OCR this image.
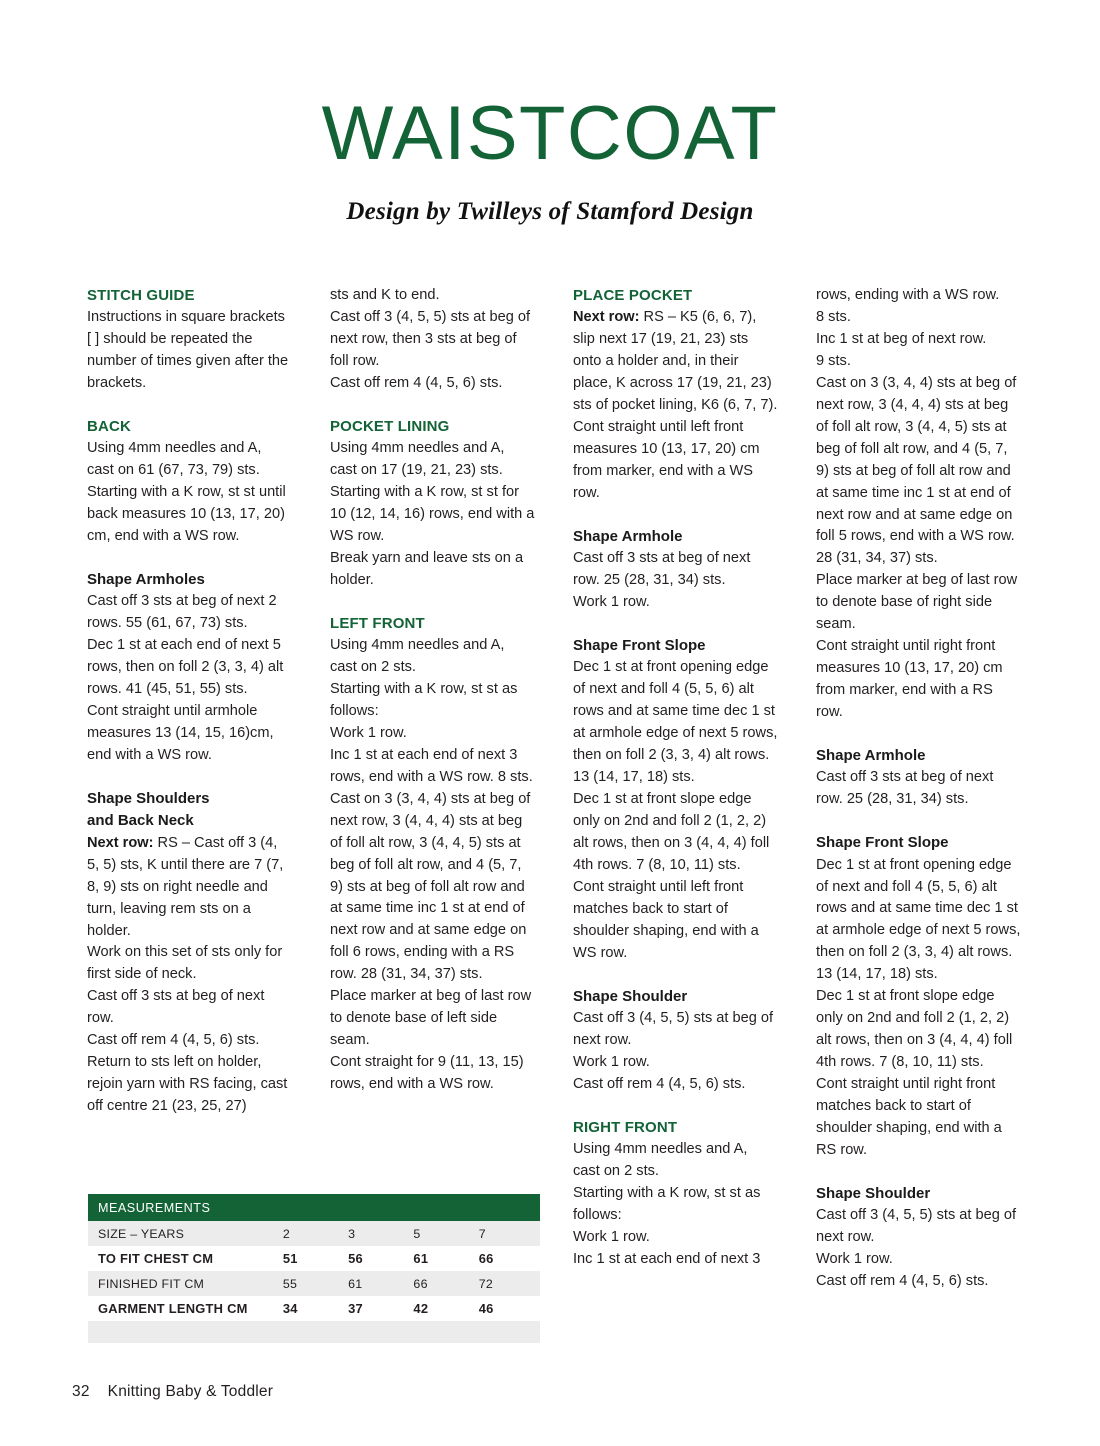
WAISTCOAT

Design by Twilleys of Stamford Design

STITCH GUIDE

Instructions in square brackets [ ] should be repeated the number of times given after the brackets.

BACK

Using 4mm needles and A, cast on 61 (67, 73, 79) sts.

Starting with a K row, st st until back measures 10 (13, 17, 20) cm, end with a WS row.

Shape Armholes

Cast off 3 sts at beg of next 2 rows. 55 (61, 67, 73) sts.

Dec 1 st at each end of next 5 rows, then on foll 2 (3, 3, 4) alt rows. 41 (45, 51, 55) sts.

Cont straight until armhole measures 13 (14, 15, 16)cm, end with a WS row.

Shape Shoulders
and Back Neck

Next row: RS – Cast off 3 (4, 5, 5) sts, K until there are 7 (7, 8, 9) sts on right needle and turn, leaving rem sts on a holder.

Work on this set of sts only for first side of neck.

Cast off 3 sts at beg of next row.

Cast off rem 4 (4, 5, 6) sts.

Return to sts left on holder, rejoin yarn with RS facing, cast off centre 21 (23, 25, 27)

sts and K to end.

Cast off 3 (4, 5, 5) sts at beg of next row, then 3 sts at beg of foll row.

Cast off rem 4 (4, 5, 6) sts.

POCKET LINING

Using 4mm needles and A, cast on 17 (19, 21, 23) sts.

Starting with a K row, st st for 10 (12, 14, 16) rows, end with a WS row.

Break yarn and leave sts on a holder.

LEFT FRONT

Using 4mm needles and A, cast on 2 sts.

Starting with a K row, st st as follows:

Work 1 row.

Inc 1 st at each end of next 3 rows, end with a WS row. 8 sts.

Cast on 3 (3, 4, 4) sts at beg of next row, 3 (4, 4, 4) sts at beg of foll alt row, 3 (4, 4, 5) sts at beg of foll alt row, and 4 (5, 7, 9) sts at beg of foll alt row and at same time inc 1 st at end of next row and at same edge on foll 6 rows, ending with a RS row. 28 (31, 34, 37) sts.

Place marker at beg of last row to denote base of left side seam.

Cont straight for 9 (11, 13, 15) rows, end with a WS row.

PLACE POCKET

Next row: RS – K5 (6, 6, 7), slip next 17 (19, 21, 23) sts onto a holder and, in their place, K across 17 (19, 21, 23) sts of pocket lining, K6 (6, 7, 7).

Cont straight until left front measures 10 (13, 17, 20) cm from marker, end with a WS row.

Shape Armhole

Cast off 3 sts at beg of next row. 25 (28, 31, 34) sts.

Work 1 row.

Shape Front Slope

Dec 1 st at front opening edge of next and foll 4 (5, 5, 6) alt rows and at same time dec 1 st at armhole edge of next 5 rows, then on foll 2 (3, 3, 4) alt rows. 13 (14, 17, 18) sts.

Dec 1 st at front slope edge only on 2nd and foll 2 (1, 2, 2) alt rows, then on 3 (4, 4, 4) foll 4th rows. 7 (8, 10, 11) sts.

Cont straight until left front matches back to start of shoulder shaping, end with a WS row.

Shape Shoulder

Cast off 3 (4, 5, 5) sts at beg of next row.

Work 1 row.

Cast off rem 4 (4, 5, 6) sts.

RIGHT FRONT

Using 4mm needles and A, cast on 2 sts.

Starting with a K row, st st as follows:

Work 1 row.

Inc 1 st at each end of next 3

rows, ending with a WS row.

8 sts.

Inc 1 st at beg of next row.

9 sts.

Cast on 3 (3, 4, 4) sts at beg of next row, 3 (4, 4, 4) sts at beg of foll alt row, 3 (4, 4, 5) sts at beg of foll alt row, and 4 (5, 7, 9) sts at beg of foll alt row and at same time inc 1 st at end of next row and at same edge on foll 5 rows, end with a WS row. 28 (31, 34, 37) sts.

Place marker at beg of last row to denote base of right side seam.

Cont straight until right front measures 10 (13, 17, 20) cm from marker, end with a RS row.

Shape Armhole

Cast off 3 sts at beg of next row. 25 (28, 31, 34) sts.

Shape Front Slope

Dec 1 st at front opening edge of next and foll 4 (5, 5, 6) alt rows and at same time dec 1 st at armhole edge of next 5 rows, then on foll 2 (3, 3, 4) alt rows. 13 (14, 17, 18) sts.

Dec 1 st at front slope edge only on 2nd and foll 2 (1, 2, 2) alt rows, then on 3 (4, 4, 4) foll 4th rows. 7 (8, 10, 11) sts.

Cont straight until right front matches back to start of shoulder shaping, end with a RS row.

Shape Shoulder

Cast off 3 (4, 5, 5) sts at beg of next row.

Work 1 row.

Cast off rem 4 (4, 5, 6) sts.

MEASUREMENTS				
SIZE – YEARS	2	3	5	7
TO FIT CHEST CM	51	56	61	66
FINISHED FIT CM	55	61	66	72
GARMENT LENGTH CM	34	37	42	46

32 Knitting Baby & Toddler
